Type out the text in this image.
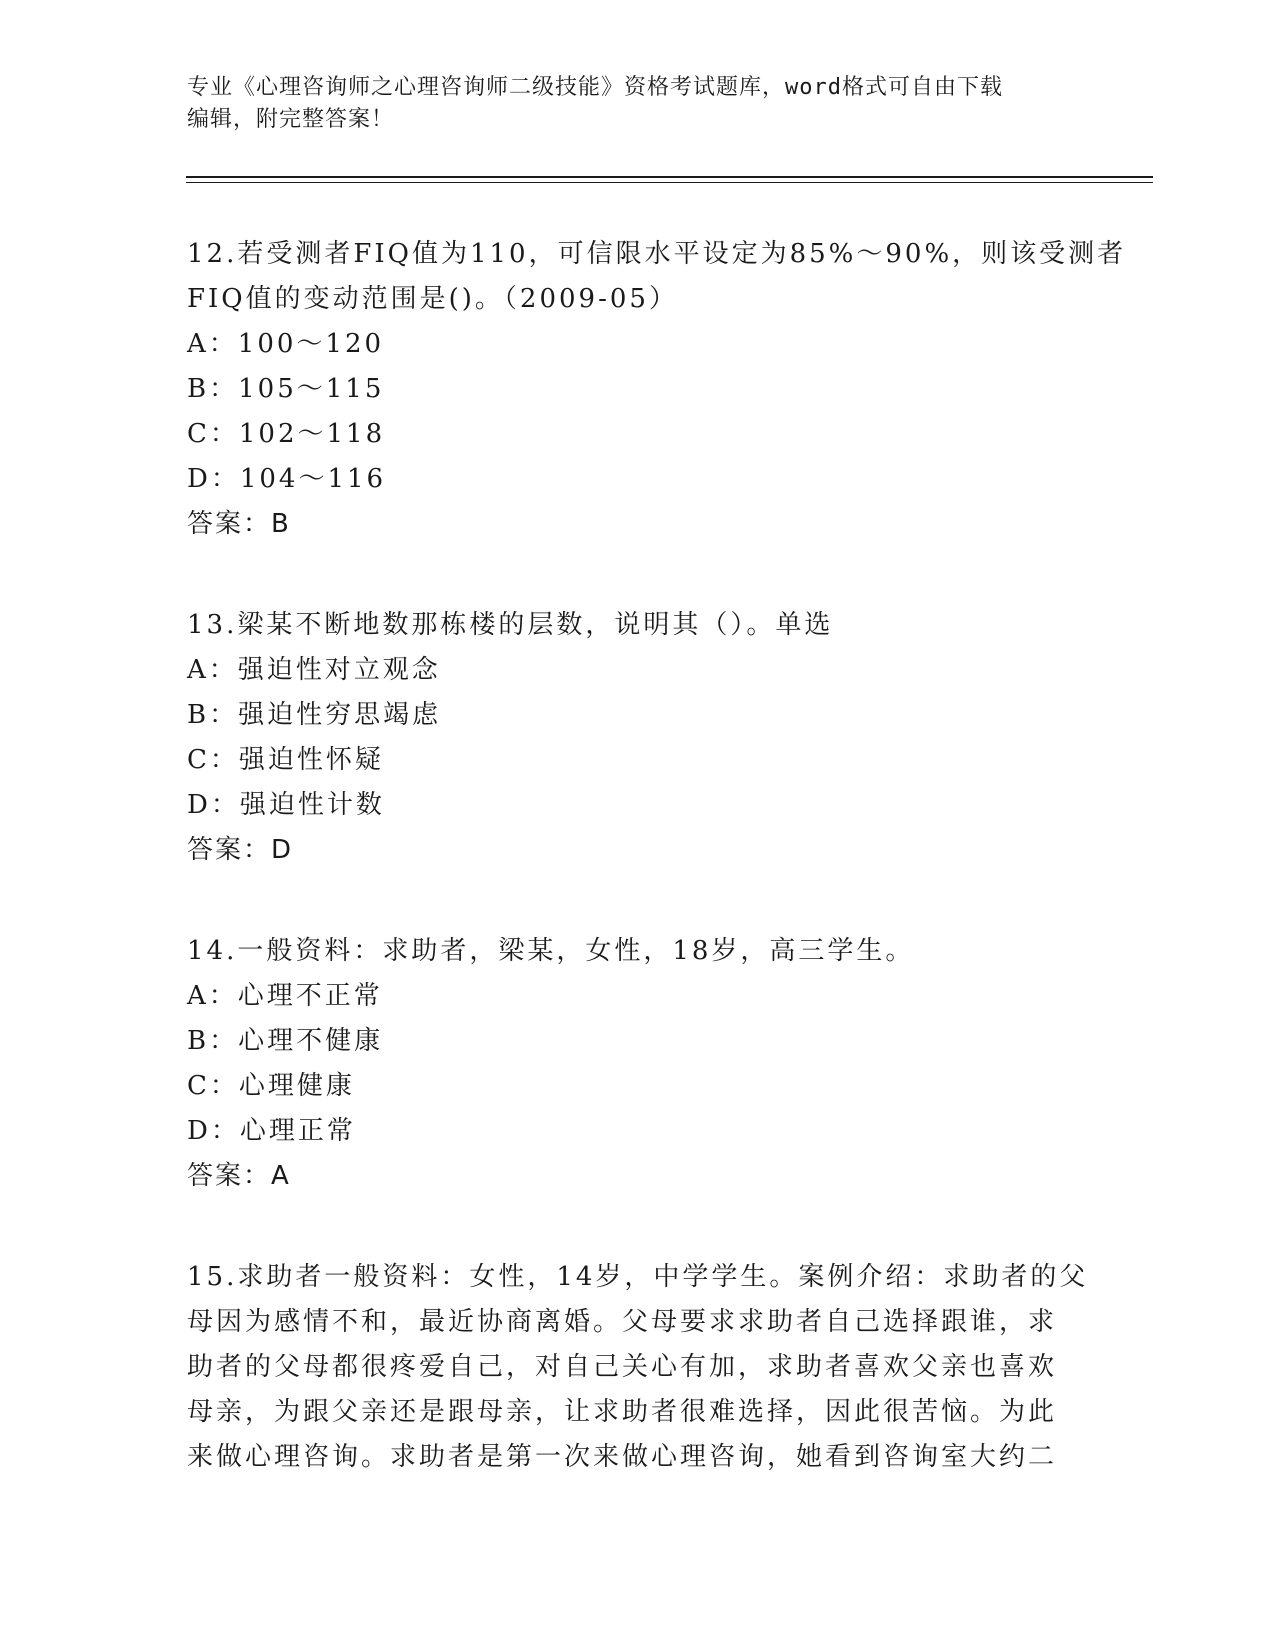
专业《心理咨询师之心理咨询师二级技能》资格考试题库，word格式可自由下载
编辑，附完整答案！
12.若受测者FIQ值为110，可信限水平设定为85%～90%，则该受测者
FIQ值的变动范围是()。（2009-05）
A：100～120
B：105～115
C：102～118
D：104～116
答案：B
13.梁某不断地数那栋楼的层数，说明其（）。单选
A：强迫性对立观念
B：强迫性穷思竭虑
C：强迫性怀疑
D：强迫性计数
答案：D
14.一般资料：求助者，梁某，女性，18岁，高三学生。
A：心理不正常
B：心理不健康
C：心理健康
D：心理正常
答案：A
15.求助者一般资料：女性，14岁，中学学生。案例介绍：求助者的父
母因为感情不和，最近协商离婚。父母要求求助者自己选择跟谁，求
助者的父母都很疼爱自己，对自己关心有加，求助者喜欢父亲也喜欢
母亲，为跟父亲还是跟母亲，让求助者很难选择，因此很苦恼。为此
来做心理咨询。求助者是第一次来做心理咨询，她看到咨询室大约二
